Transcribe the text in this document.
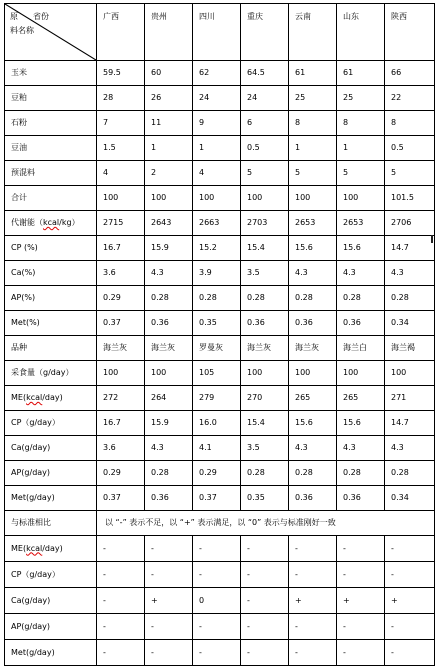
原 省份
料名称	广西	贵州	四川	重庆	云南	山东	陕西
玉米	59.5	60	62	64.5	61	61	66
豆粕	28	26	24	24	25	25	22
石粉	7	11	9	6	8	8	8
豆油	1.5	1	1	0.5	1	1	0.5
预混料	4	2	4	5	5	5	5
合计	100	100	100	100	100	100	101.5
代谢能（kcal/kg）	2715	2643	2663	2703	2653	2653	2706
CP (%)	16.7	15.9	15.2	15.4	15.6	15.6	14.7
Ca(%)	3.6	4.3	3.9	3.5	4.3	4.3	4.3
AP(%)	0.29	0.28	0.28	0.28	0.28	0.28	0.28
Met(%)	0.37	0.36	0.35	0.36	0.36	0.36	0.34
品种	海兰灰	海兰灰	罗曼灰	海兰灰	海兰灰	海兰白	海兰褐
采食量（g/day）	100	100	105	100	100	100	100
ME(kcal/day)	272	264	279	270	265	265	271
CP（g/day）	16.7	15.9	16.0	15.4	15.6	15.6	14.7
Ca(g/day)	3.6	4.3	4.1	3.5	4.3	4.3	4.3
AP(g/day)	0.29	0.28	0.29	0.28	0.28	0.28	0.28
Met(g/day)	0.37	0.36	0.37	0.35	0.36	0.36	0.34
与标准相比	以 “-” 表示不足，以 “+” 表示满足，以 “0” 表示与标准刚好一致						
ME(kcal/day)	-	-	-	-	-	-	-
CP（g/day）	-	-	-	-	-	-	-
Ca(g/day)	-	+	0	-	+	+	+
AP(g/day)	-	-	-	-	-	-	-
Met(g/day)	-	-	-	-	-	-	-
